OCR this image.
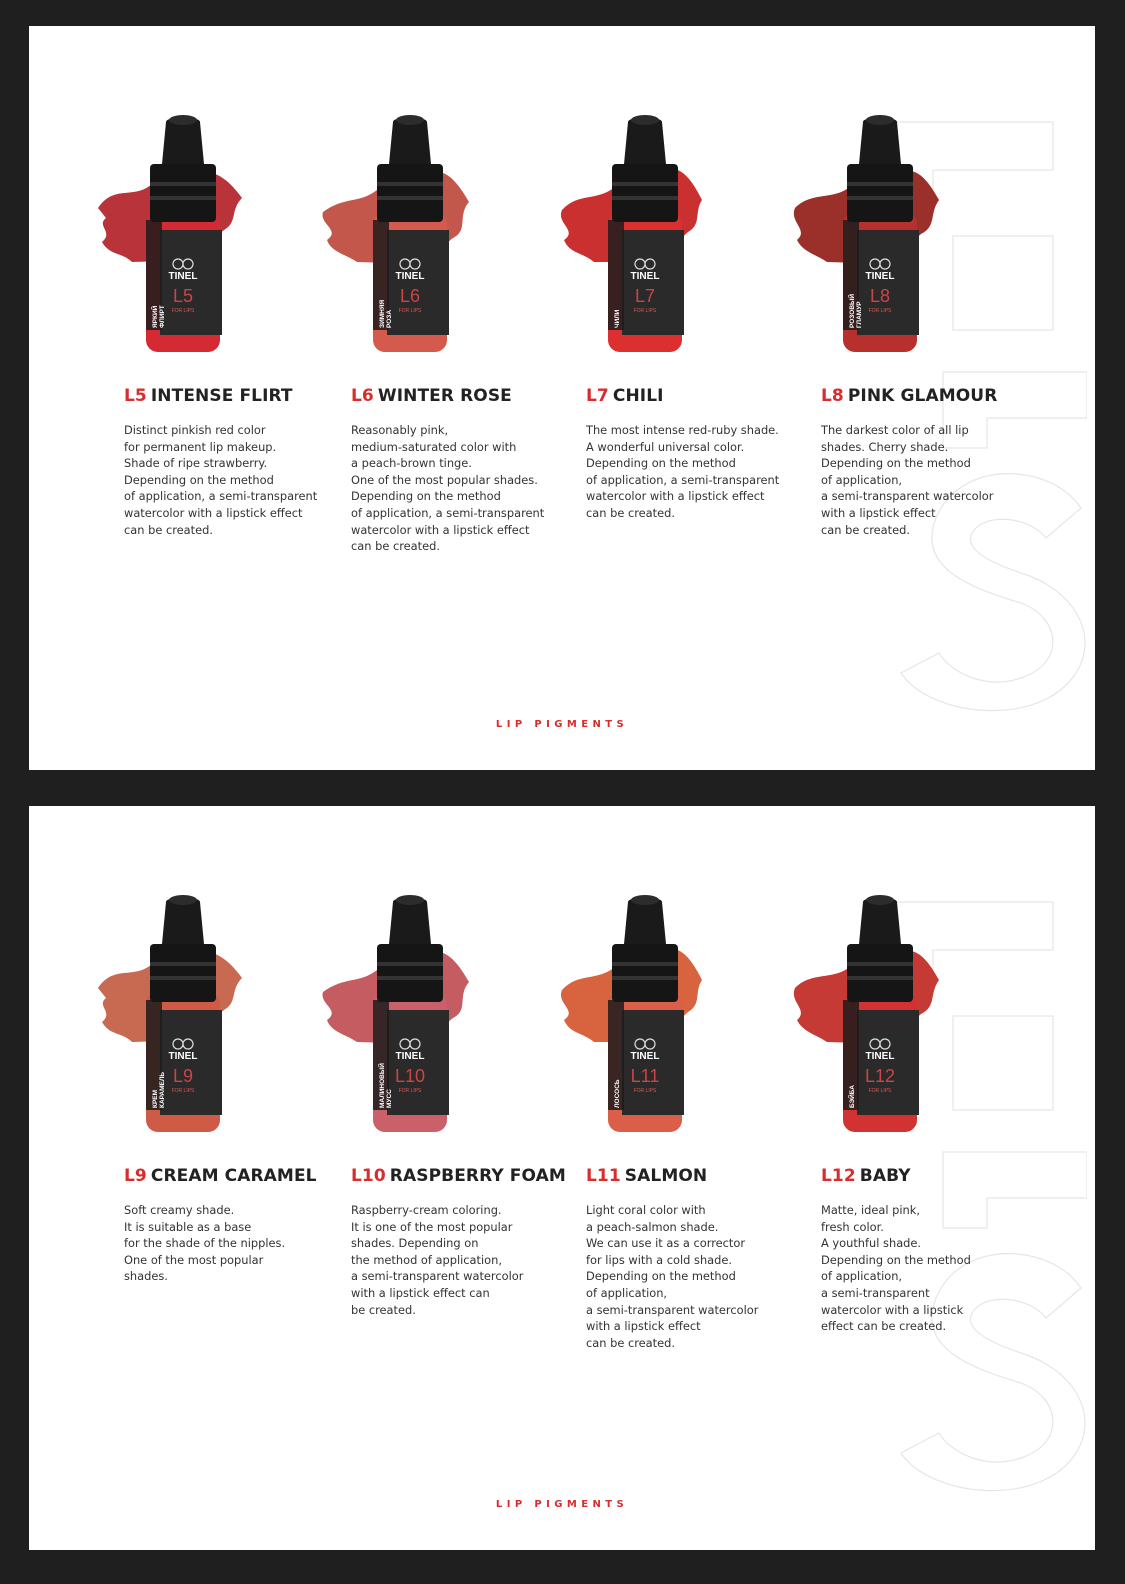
TINEL
L5
FOR LIPS
ЯРКИЙФЛИРТ
L5 INTENSE FLIRT
Distinct pinkish red color
for permanent lip makeup.
Shade of ripe strawberry.
Depending on the method
of application, a semi-transparent
watercolor with a lipstick effect
can be created.
TINEL
L6
FOR LIPS
ЗИМНЯЯРОЗА
L6 WINTER ROSE
Reasonably pink,
medium-saturated color with
a peach-brown tinge.
One of the most popular shades.
Depending on the method
of application, a semi-transparent
watercolor with a lipstick effect
can be created.
TINEL
L7
FOR LIPS
ЧИЛИ
L7 CHILI
The most intense red-ruby shade.
A wonderful universal color.
Depending on the method
of application, a semi-transparent
watercolor with a lipstick effect
can be created.
TINEL
L8
FOR LIPS
РОЗОВЫЙГЛАМУР
L8 PINK GLAMOUR
The darkest color of all lip
shades. Cherry shade.
Depending on the method
of application,
a semi-transparent watercolor
with a lipstick effect
can be created.
LIP PIGMENTS
TINEL
L9
FOR LIPS
КРЕМКАРАМЕЛЬ
L9 CREAM CARAMEL
Soft creamy shade.
It is suitable as a base
for the shade of the nipples.
One of the most popular
shades.
TINEL
L10
FOR LIPS
МАЛИНОВЫЙМУСС
L10 RASPBERRY FOAM
Raspberry-cream coloring.
It is one of the most popular
shades. Depending on
the method of application,
a semi-transparent watercolor
with a lipstick effect can
be created.
TINEL
L11
FOR LIPS
ЛОСОСЬ
L11 SALMON
Light coral color with
a peach-salmon shade.
We can use it as a corrector
for lips with a cold shade.
Depending on the method
of application,
a semi-transparent watercolor
with a lipstick effect
can be created.
TINEL
L12
FOR LIPS
БЭЙБА
L12 BABY
Matte, ideal pink,
fresh color.
A youthful shade.
Depending on the method
of application,
a semi-transparent
watercolor with a lipstick
effect can be created.
LIP PIGMENTS
